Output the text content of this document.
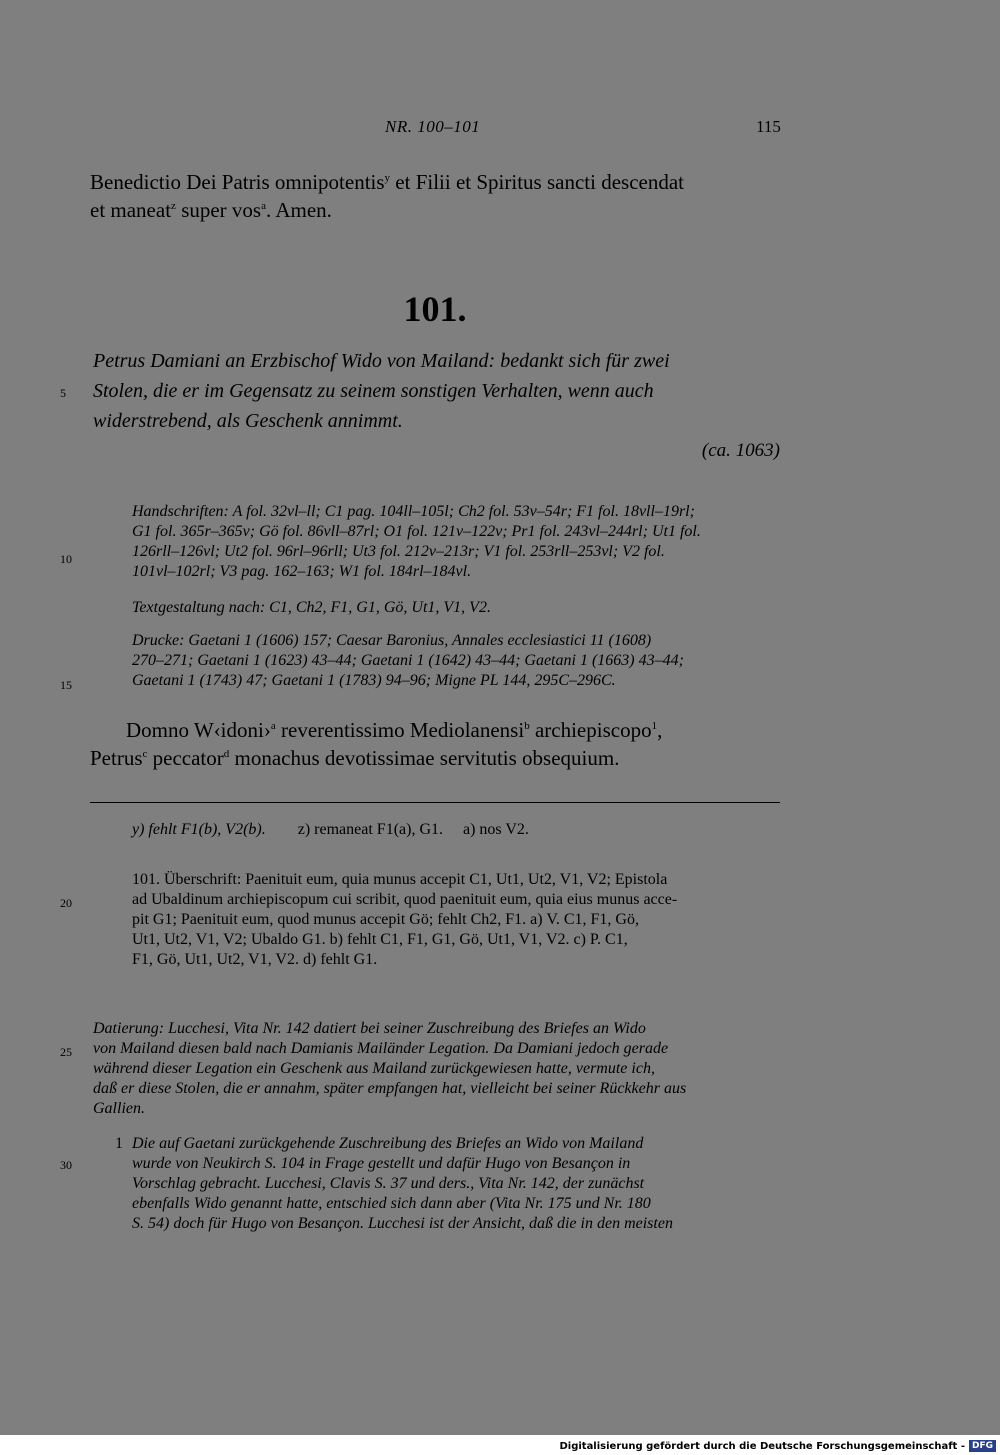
NR. 100–101	115
Benedictio Dei Patris omnipotentis$^y$ et Filii et Spiritus sancti descendat
et maneat$^z$ super vos$^a$. Amen.
101.
Petrus Damiani an Erzbischof Wido von Mailand: bedankt sich für zwei
Stolen, die er im Gegensatz zu seinem sonstigen Verhalten, wenn auch
widerstrebend, als Geschenk annimmt.
(ca. 1063)
5
10
15
20
25
30
Handschriften: A fol. 32vl–ll; C1 pag. 104ll–105l; Ch2 fol. 53v–54r; F1 fol. 18vll–19rl;
G1 fol. 365r–365v; Gö fol. 86vll–87rl; O1 fol. 121v–122v; Pr1 fol. 243vl–244rl; Ut1 fol.
126rll–126vl; Ut2 fol. 96rl–96rll; Ut3 fol. 212v–213r; V1 fol. 253rll–253vl; V2 fol.
101vl–102rl; V3 pag. 162–163; W1 fol. 184rl–184vl.
Textgestaltung nach: C1, Ch2, F1, G1, Gö, Ut1, V1, V2.
Drucke: Gaetani 1 (1606) 157; Caesar Baronius, Annales ecclesiastici 11 (1608)
270–271; Gaetani 1 (1623) 43–44; Gaetani 1 (1642) 43–44; Gaetani 1 (1663) 43–44;
Gaetani 1 (1743) 47; Gaetani 1 (1783) 94–96; Migne PL 144, 295C–296C.
Domno W‹idoni›$^a$ reverentissimo Mediolanensi$^b$ archiepiscopo$^1$,
Petrus$^c$ peccator$^d$ monachus devotissimae servitutis obsequium.
y) fehlt F1(b), V2(b). z) remaneat F1(a), G1. a) nos V2.
101. Überschrift: Paenituit eum, quia munus accepit C1, Ut1, Ut2, V1, V2; Epistola
ad Ubaldinum archiepiscopum cui scribit, quod paenituit eum, quia eius munus acce-
pit G1; Paenituit eum, quod munus accepit Gö; fehlt Ch2, F1. a) V. C1, F1, Gö,
Ut1, Ut2, V1, V2; Ubaldo G1. b) fehlt C1, F1, G1, Gö, Ut1, V1, V2. c) P. C1,
F1, Gö, Ut1, Ut2, V1, V2. d) fehlt G1.
Datierung: Lucchesi, Vita Nr. 142 datiert bei seiner Zuschreibung des Briefes an Wido
von Mailand diesen bald nach Damianis Mailänder Legation. Da Damiani jedoch gerade
während dieser Legation ein Geschenk aus Mailand zurückgewiesen hatte, vermute ich,
daß er diese Stolen, die er annahm, später empfangen hat, vielleicht bei seiner Rückkehr aus
Gallien.
1 Die auf Gaetani zurückgehende Zuschreibung des Briefes an Wido von Mailand
wurde von Neukirch S. 104 in Frage gestellt und dafür Hugo von Besançon in
Vorschlag gebracht. Lucchesi, Clavis S. 37 und ders., Vita Nr. 142, der zunächst
ebenfalls Wido genannt hatte, entschied sich dann aber (Vita Nr. 175 und Nr. 180
S. 54) doch für Hugo von Besançon. Lucchesi ist der Ansicht, daß die in den meisten
Digitalisierung gefördert durch die Deutsche Forschungsgemeinschaft - DFG
